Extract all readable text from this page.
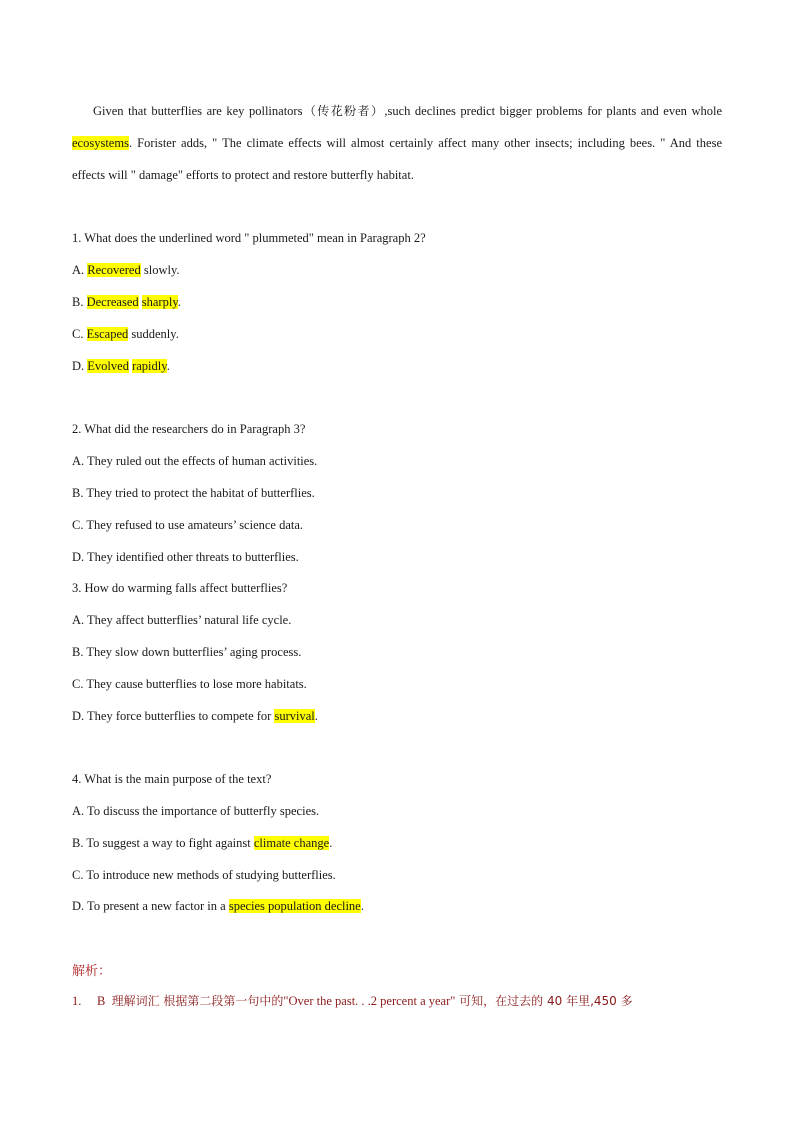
Given that butterflies are key pollinators（传花粉者）,such declines predict bigger problems for plants and even whole ecosystems. Forister adds, " The climate effects will almost certainly affect many other insects; including bees. " And these effects will " damage" efforts to protect and restore butterfly habitat.
1. What does the underlined word " plummeted" mean in Paragraph 2?
A. Recovered slowly.
B. Decreased sharply.
C. Escaped suddenly.
D. Evolved rapidly.
2. What did the researchers do in Paragraph 3?
A. They ruled out the effects of human activities.
B. They tried to protect the habitat of butterflies.
C. They refused to use amateurs’ science data.
D. They identified other threats to butterflies.
3. How do warming falls affect butterflies?
A. They affect butterflies’ natural life cycle.
B. They slow down butterflies’ aging process.
C. They cause butterflies to lose more habitats.
D. They force butterflies to compete for survival.
4. What is the main purpose of the text?
A. To discuss the importance of butterfly species.
B. To suggest a way to fight against climate change.
C. To introduce new methods of studying butterflies.
D. To present a new factor in a species population decline.
解析：
1. B 理解词汇 根据第二段第一句中的"Over the past. . .2 percent a year" 可知，在过去的 40 年里,450 多
